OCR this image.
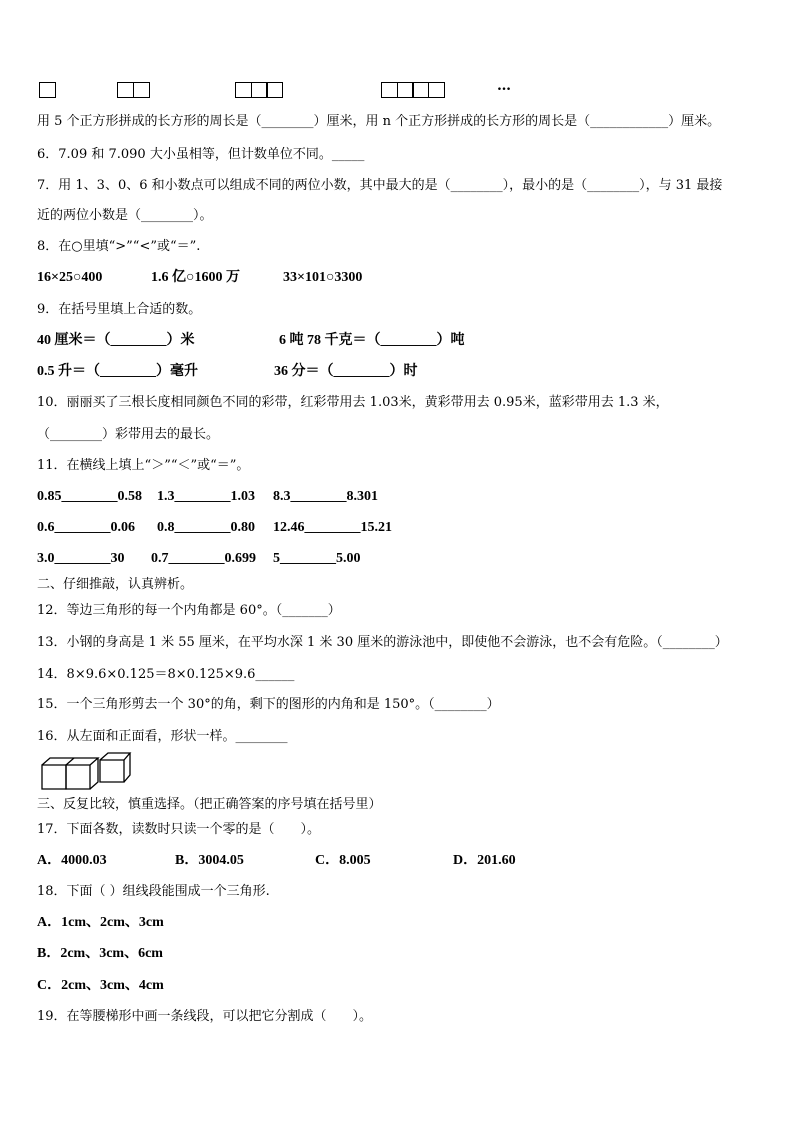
…
用 5 个正方形拼成的长方形的周长是（________）厘米，用 n 个正方形拼成的长方形的周长是（____________）厘米。
6．7.09 和 7.090 大小虽相等，但计数单位不同。_____
7．用 1、3、0、6 和小数点可以组成不同的两位小数，其中最大的是（________），最小的是（________），与 31 最接
近的两位小数是（________）。
8．在○里填“>”“<”或“＝”.
16×25○400	1.6 亿○1600 万	33×101○3300
9．在括号里填上合适的数。
40 厘米＝（________）米	6 吨 78 千克＝（________）吨
0.5 升＝（________）毫升	36 分＝（________）时
10．丽丽买了三根长度相同颜色不同的彩带，红彩带用去 1.03米，黄彩带用去 0.95米，蓝彩带用去 1.3 米，
（________）彩带用去的最长。
11．在横线上填上“＞”“＜”或“＝”。
0.85________0.58 1.3________1.03 8.3________8.301
0.6________0.06 0.8________0.80 12.46________15.21
3.0________30 0.7________0.699 5________5.00
二、仔细推敲，认真辨析。
12．等边三角形的每一个内角都是 60°。（_______）
13．小钢的身高是 1 米 55 厘米，在平均水深 1 米 30 厘米的游泳池中，即使他不会游泳，也不会有危险。（________）
14．8×9.6×0.125＝8×0.125×9.6______
15．一个三角形剪去一个 30°的角，剩下的图形的内角和是 150°。（________）
16．从左面和正面看，形状一样。________
三、反复比较，慎重选择。（把正确答案的序号填在括号里）
17．下面各数，读数时只读一个零的是（　　）。
A．4000.03	B．3004.05	C．8.005	D．201.60
18．下面（ ）组线段能围成一个三角形.
A．1cm、2cm、3cm
B．2cm、3cm、6cm
C．2cm、3cm、4cm
19．在等腰梯形中画一条线段，可以把它分割成（　　）。
